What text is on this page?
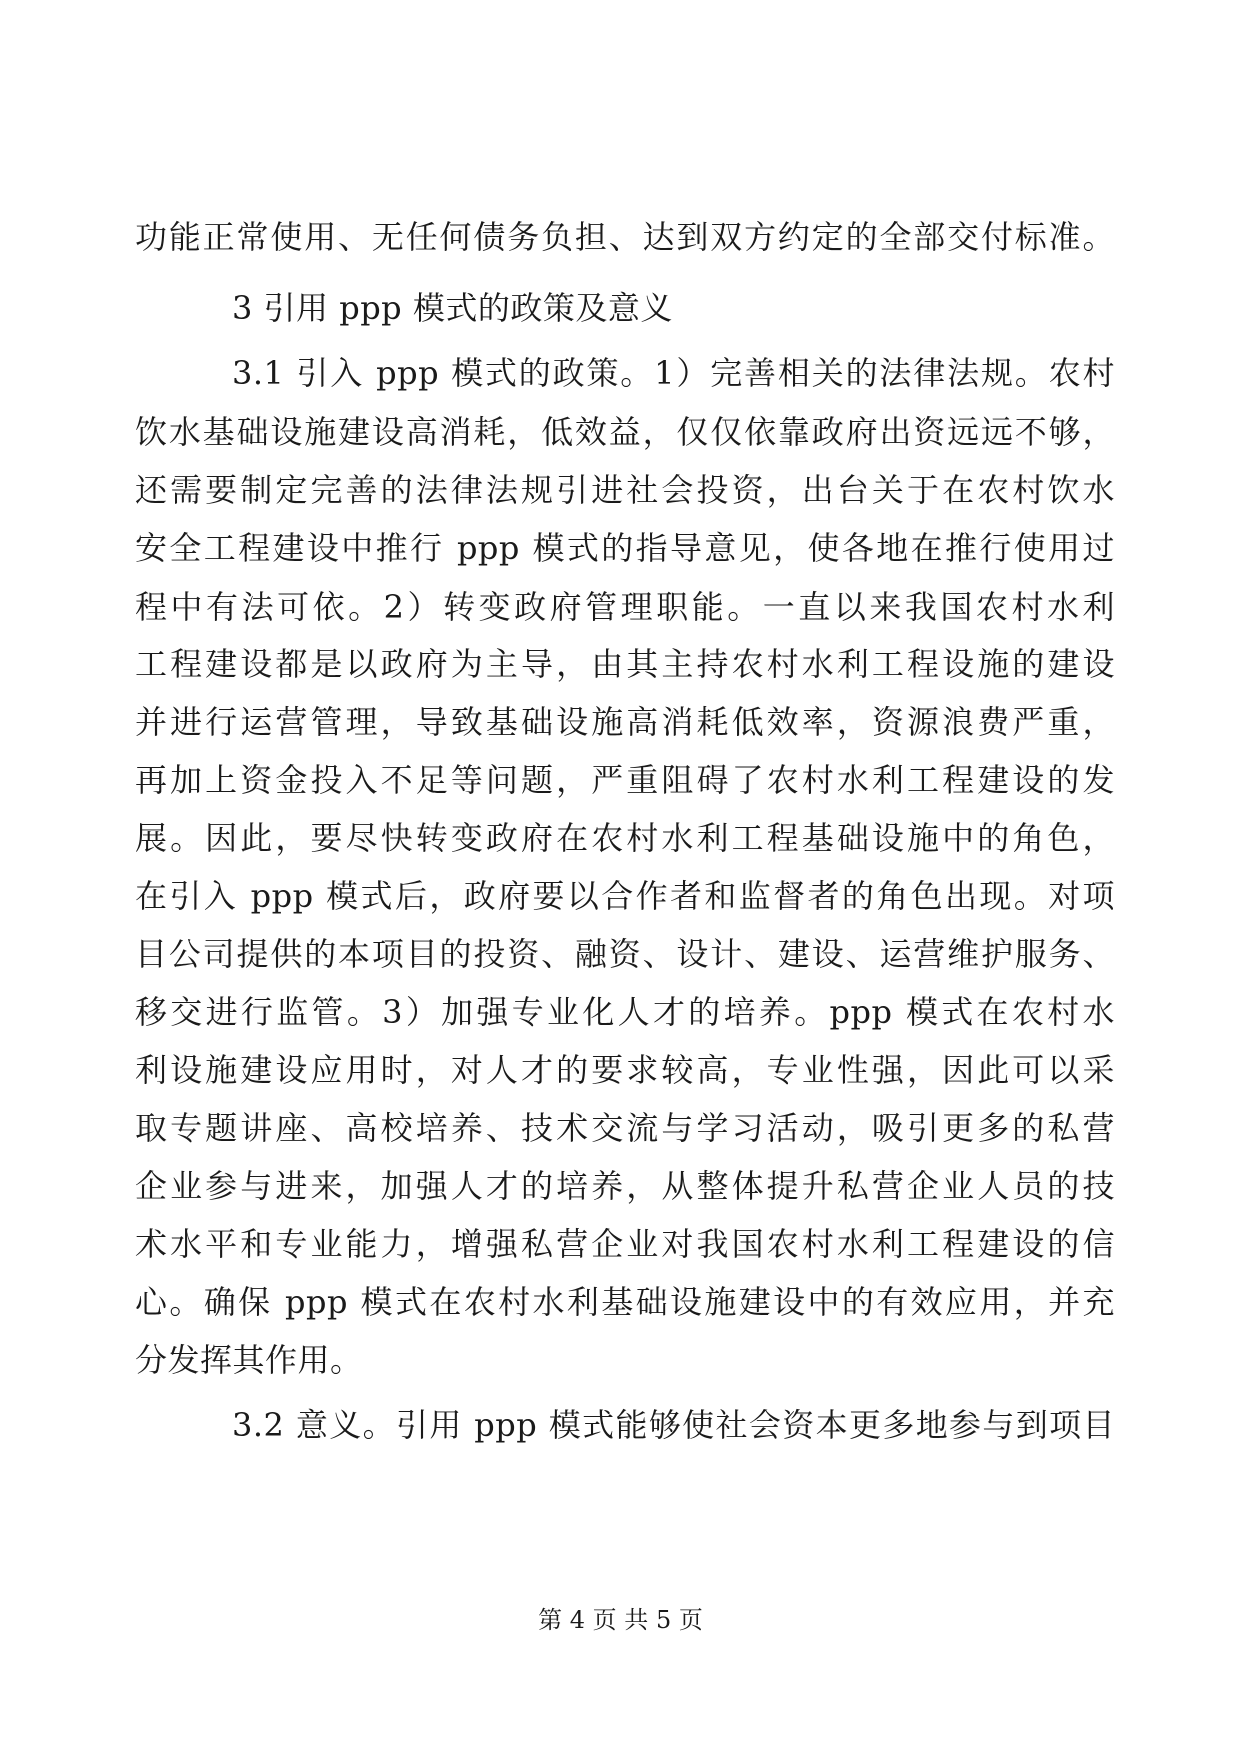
功能正常使用、无任何债务负担、达到双方约定的全部交付标准。
3 引用 ppp 模式的政策及意义
3.1 引入 ppp 模式的政策。1）完善相关的法律法规。农村
饮水基础设施建设高消耗，低效益，仅仅依靠政府出资远远不够，
还需要制定完善的法律法规引进社会投资，出台关于在农村饮水
安全工程建设中推行 ppp 模式的指导意见，使各地在推行使用过
程中有法可依。2）转变政府管理职能。一直以来我国农村水利
工程建设都是以政府为主导，由其主持农村水利工程设施的建设
并进行运营管理，导致基础设施高消耗低效率，资源浪费严重，
再加上资金投入不足等问题，严重阻碍了农村水利工程建设的发
展。因此，要尽快转变政府在农村水利工程基础设施中的角色，
在引入 ppp 模式后，政府要以合作者和监督者的角色出现。对项
目公司提供的本项目的投资、融资、设计、建设、运营维护服务、
移交进行监管。3）加强专业化人才的培养。ppp 模式在农村水
利设施建设应用时，对人才的要求较高，专业性强，因此可以采
取专题讲座、高校培养、技术交流与学习活动，吸引更多的私营
企业参与进来，加强人才的培养，从整体提升私营企业人员的技
术水平和专业能力，增强私营企业对我国农村水利工程建设的信
心。确保 ppp 模式在农村水利基础设施建设中的有效应用，并充
分发挥其作用。
3.2 意义。引用 ppp 模式能够使社会资本更多地参与到项目
第 4 页 共 5 页
